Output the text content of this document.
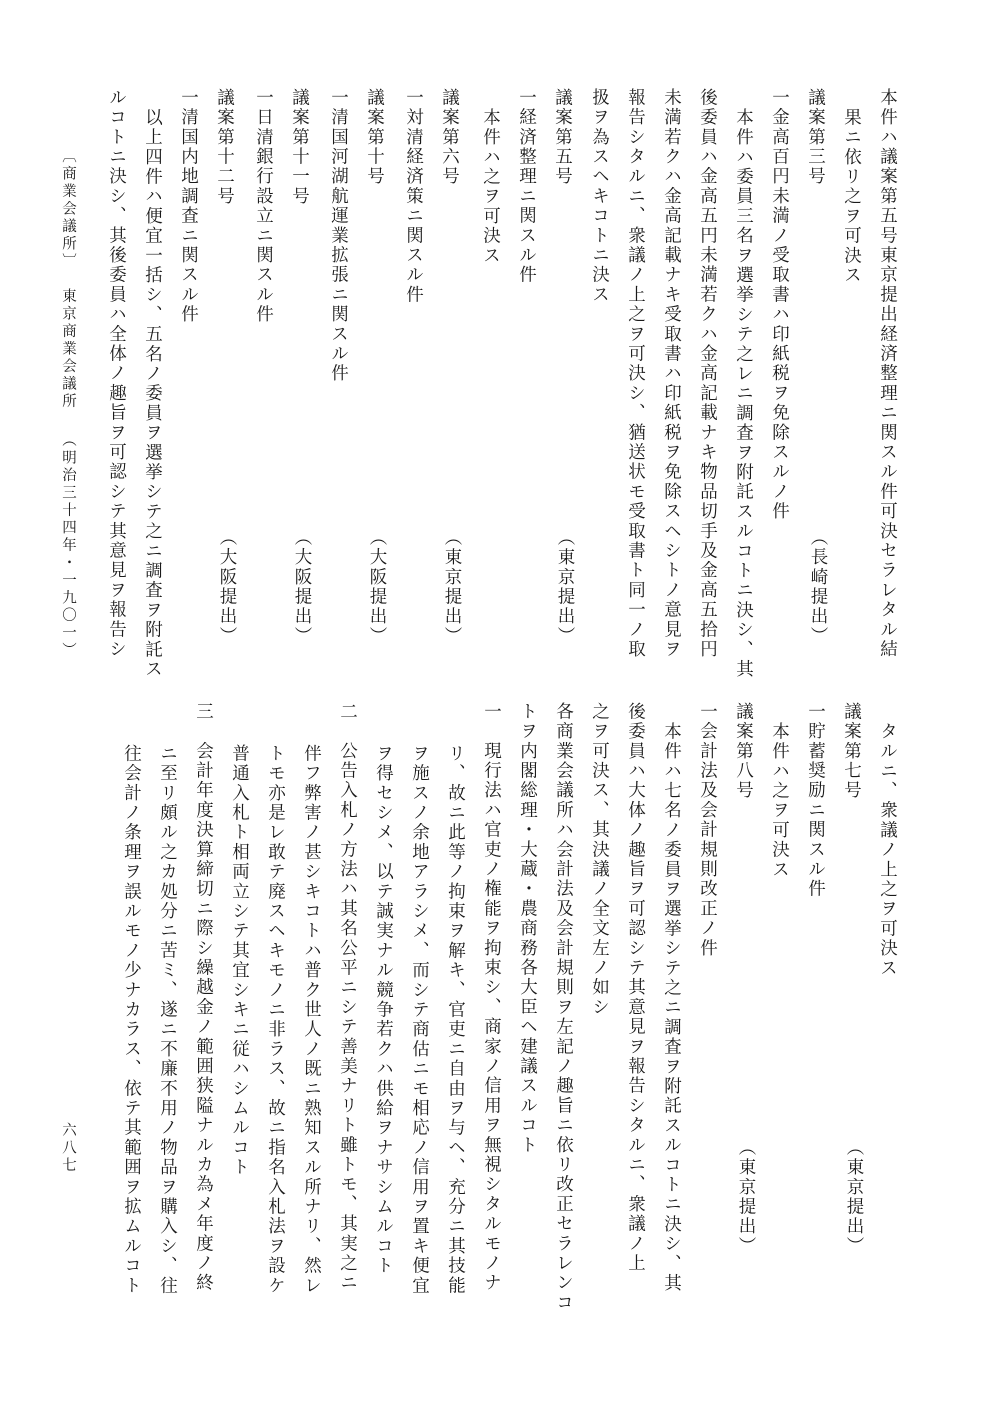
本件ハ議案第五号東京提出経済整理ニ関スル件可決セラレタル結
果ニ依リ之ヲ可決ス
議案第三号
（長崎提出）
一金高百円未満ノ受取書ハ印紙税ヲ免除スルノ件
本件ハ委員三名ヲ選挙シテ之レニ調査ヲ附託スルコトニ決シ、其
後委員ハ金高五円未満若クハ金高記載ナキ物品切手及金高五拾円
未満若クハ金高記載ナキ受取書ハ印紙税ヲ免除スヘシトノ意見ヲ
報告シタルニ、衆議ノ上之ヲ可決シ、猶送状モ受取書ト同一ノ取
扱ヲ為スヘキコトニ決ス
議案第五号
（東京提出）
一経済整理ニ関スル件
本件ハ之ヲ可決ス
議案第六号
（東京提出）
一対清経済策ニ関スル件
議案第十号
（大阪提出）
一清国河湖航運業拡張ニ関スル件
議案第十一号
（大阪提出）
一日清銀行設立ニ関スル件
議案第十二号
（大阪提出）
一清国内地調査ニ関スル件
以上四件ハ便宜一括シ、五名ノ委員ヲ選挙シテ之ニ調査ヲ附託ス
ルコトニ決シ、其後委員ハ全体ノ趣旨ヲ可認シテ其意見ヲ報告シ
〔商業会議所〕
東京商業会議所
（明治三十四年・一九〇一）
六八七
タルニ、衆議ノ上之ヲ可決ス
議案第七号
（東京提出）
一貯蓄奨励ニ関スル件
本件ハ之ヲ可決ス
議案第八号
（東京提出）
一会計法及会計規則改正ノ件
本件ハ七名ノ委員ヲ選挙シテ之ニ調査ヲ附託スルコトニ決シ、其
後委員ハ大体ノ趣旨ヲ可認シテ其意見ヲ報告シタルニ、衆議ノ上
之ヲ可決ス、其決議ノ全文左ノ如シ
各商業会議所ハ会計法及会計規則ヲ左記ノ趣旨ニ依リ改正セラレンコ
トヲ内閣総理・大蔵・農商務各大臣ヘ建議スルコト
一　現行法ハ官吏ノ権能ヲ拘束シ、商家ノ信用ヲ無視シタルモノナ
リ、故ニ此等ノ拘束ヲ解キ、官吏ニ自由ヲ与ヘ、充分ニ其技能
ヲ施スノ余地アラシメ、而シテ商估ニモ相応ノ信用ヲ置キ便宜
ヲ得セシメ、以テ誠実ナル競争若クハ供給ヲナサシムルコト
二　公告入札ノ方法ハ其名公平ニシテ善美ナリト雖トモ、其実之ニ
伴フ弊害ノ甚シキコトハ普ク世人ノ既ニ熟知スル所ナリ、然レ
トモ亦是レ敢テ廃スヘキモノニ非ラス、故ニ指名入札法ヲ設ケ
普通入札ト相両立シテ其宜シキニ従ハシムルコト
三　会計年度決算締切ニ際シ繰越金ノ範囲狭隘ナルカ為メ年度ノ終
ニ至リ頗ル之カ処分ニ苦ミ、遂ニ不廉不用ノ物品ヲ購入シ、往
往会計ノ条理ヲ誤ルモノ少ナカラス、依テ其範囲ヲ拡ムルコト
